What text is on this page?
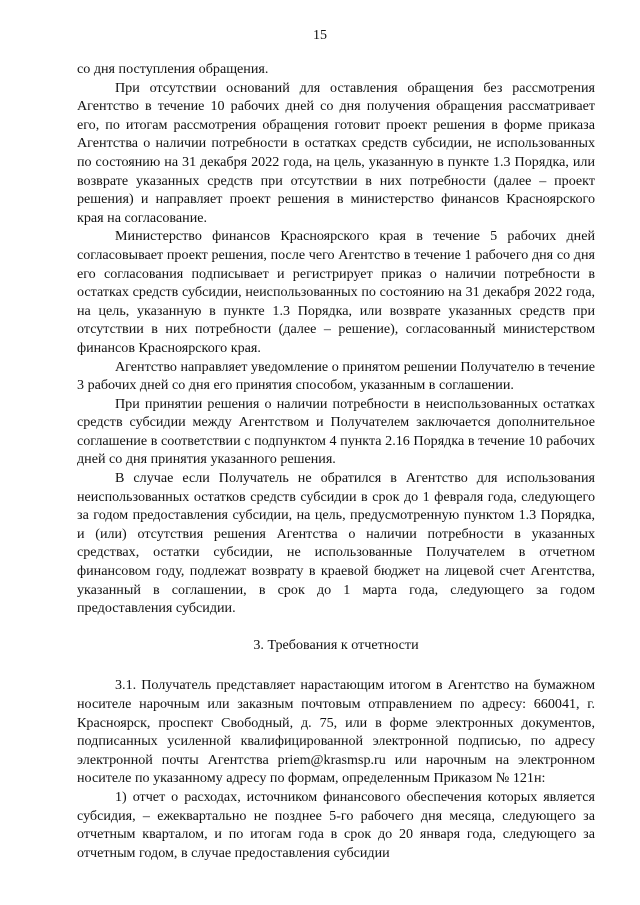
15

со дня поступления обращения.

При отсутствии оснований для оставления обращения без рассмотрения Агентство в течение 10 рабочих дней со дня получения обращения рассматривает его, по итогам рассмотрения обращения готовит проект решения в форме приказа Агентства о наличии потребности в остатках средств субсидии, не использованных по состоянию на 31 декабря 2022 года, на цель, указанную в пункте 1.3 Порядка, или возврате указанных средств при отсутствии в них потребности (далее – проект решения) и направляет проект решения в министерство финансов Красноярского края на согласование.

Министерство финансов Красноярского края в течение 5 рабочих дней согласовывает проект решения, после чего Агентство в течение 1 рабочего дня со дня его согласования подписывает и регистрирует приказ о наличии потребности в остатках средств субсидии, неиспользованных по состоянию на 31 декабря 2022 года, на цель, указанную в пункте 1.3 Порядка, или возврате указанных средств при отсутствии в них потребности (далее – решение), согласованный министерством финансов Красноярского края.

Агентство направляет уведомление о принятом решении Получателю в течение 3 рабочих дней со дня его принятия способом, указанным в соглашении.

При принятии решения о наличии потребности в неиспользованных остатках средств субсидии между Агентством и Получателем заключается дополнительное соглашение в соответствии с подпунктом 4 пункта 2.16 Порядка в течение 10 рабочих дней со дня принятия указанного решения.

В случае если Получатель не обратился в Агентство для использования неиспользованных остатков средств субсидии в срок до 1 февраля года, следующего за годом предоставления субсидии, на цель, предусмотренную пунктом 1.3 Порядка, и (или) отсутствия решения Агентства о наличии потребности в указанных средствах, остатки субсидии, не использованные Получателем в отчетном финансовом году, подлежат возврату в краевой бюджет на лицевой счет Агентства, указанный в соглашении, в срок до 1 марта года, следующего за годом предоставления субсидии.

3. Требования к отчетности

3.1. Получатель представляет нарастающим итогом в Агентство на бумажном носителе нарочным или заказным почтовым отправлением по адресу: 660041, г. Красноярск, проспект Свободный, д. 75, или в форме электронных документов, подписанных усиленной квалифицированной электронной подписью, по адресу электронной почты Агентства priem@krasmsp.ru или нарочным на электронном носителе по указанному адресу по формам, определенным Приказом № 121н:

1) отчет о расходах, источником финансового обеспечения которых является субсидия, – ежеквартально не позднее 5-го рабочего дня месяца, следующего за отчетным кварталом, и по итогам года в срок до 20 января года, следующего за отчетным годом, в случае предоставления субсидии
